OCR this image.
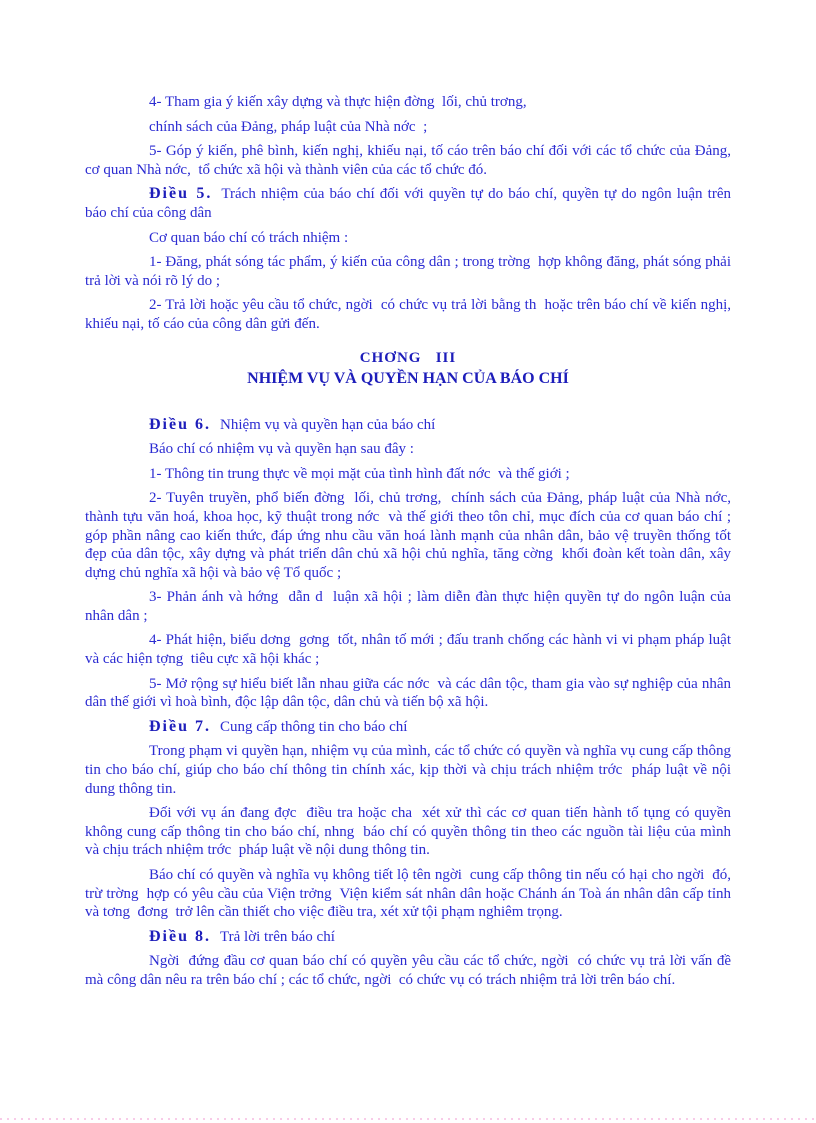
4- Tham gia ý kiến xây dựng và thực hiện đờng  lối, chủ trơng,

chính sách của Đảng, pháp luật của Nhà nớc  ;

5- Góp ý kiến, phê bình, kiến nghị, khiếu nại, tố cáo trên báo chí đối với các tổ chức của Đảng, cơ quan Nhà nớc,  tổ chức xã hội và thành viên của các tổ chức đó.

Điều 5. Trách nhiệm của báo chí đối với quyền tự do báo chí, quyền tự do ngôn luận trên báo chí của công dân

Cơ quan báo chí có trách nhiệm :

1- Đăng, phát sóng tác phẩm, ý kiến của công dân ; trong trờng  hợp không đăng, phát sóng phải trả lời và nói rõ lý do ;

2- Trả lời hoặc yêu cầu tổ chức, ngời  có chức vụ trả lời bằng th  hoặc trên báo chí về kiến nghị, khiếu nại, tố cáo của công dân gửi đến.

CHƠNG   III

NHIỆM VỤ VÀ QUYỀN HẠN CỦA BÁO CHÍ

Điều 6. Nhiệm vụ và quyền hạn của báo chí

Báo chí có nhiệm vụ và quyền hạn sau đây :

1- Thông tin trung thực về mọi mặt của tình hình đất nớc  và thế giới ;

2- Tuyên truyền, phổ biến đờng  lối, chủ trơng,  chính sách của Đảng, pháp luật của Nhà nớc,  thành tựu văn hoá, khoa học, kỹ thuật trong nớc  và thế giới theo tôn chỉ, mục đích của cơ quan báo chí ; góp phần nâng cao kiến thức, đáp ứng nhu cầu văn hoá lành mạnh của nhân dân, bảo vệ truyền thống tốt đẹp của dân tộc, xây dựng và phát triển dân chủ xã hội chủ nghĩa, tăng cờng  khối đoàn kết toàn dân, xây dựng chủ nghĩa xã hội và bảo vệ Tổ quốc ;

3- Phản ánh và hớng  dẫn d  luận xã hội ; làm diễn đàn thực hiện quyền tự do ngôn luận của nhân dân ;

4- Phát hiện, biểu dơng  gơng  tốt, nhân tố mới ; đấu tranh chống các hành vi vi phạm pháp luật và các hiện tợng  tiêu cực xã hội khác ;

5- Mở rộng sự hiểu biết lẫn nhau giữa các nớc  và các dân tộc, tham gia vào sự nghiệp của nhân dân thế giới vì hoà bình, độc lập dân tộc, dân chủ và tiến bộ xã hội.

Điều 7. Cung cấp thông tin cho báo chí

Trong phạm vi quyền hạn, nhiệm vụ của mình, các tổ chức có quyền và nghĩa vụ cung cấp thông tin cho báo chí, giúp cho báo chí thông tin chính xác, kịp thời và chịu trách nhiệm trớc  pháp luật về nội dung thông tin.

Đối với vụ án đang đợc  điều tra hoặc cha  xét xử thì các cơ quan tiến hành tố tụng có quyền không cung cấp thông tin cho báo chí, nhng  báo chí có quyền thông tin theo các nguồn tài liệu của mình và chịu trách nhiệm trớc  pháp luật về nội dung thông tin.

Báo chí có quyền và nghĩa vụ không tiết lộ tên ngời  cung cấp thông tin nếu có hại cho ngời  đó, trừ trờng  hợp có yêu cầu của Viện trởng  Viện kiểm sát nhân dân hoặc Chánh án Toà án nhân dân cấp tỉnh và tơng  đơng  trở lên cần thiết cho việc điều tra, xét xử tội phạm nghiêm trọng.

Điều 8. Trả lời trên báo chí

Ngời  đứng đầu cơ quan báo chí có quyền yêu cầu các tổ chức, ngời  có chức vụ trả lời vấn đề mà công dân nêu ra trên báo chí ; các tổ chức, ngời  có chức vụ có trách nhiệm trả lời trên báo chí.
